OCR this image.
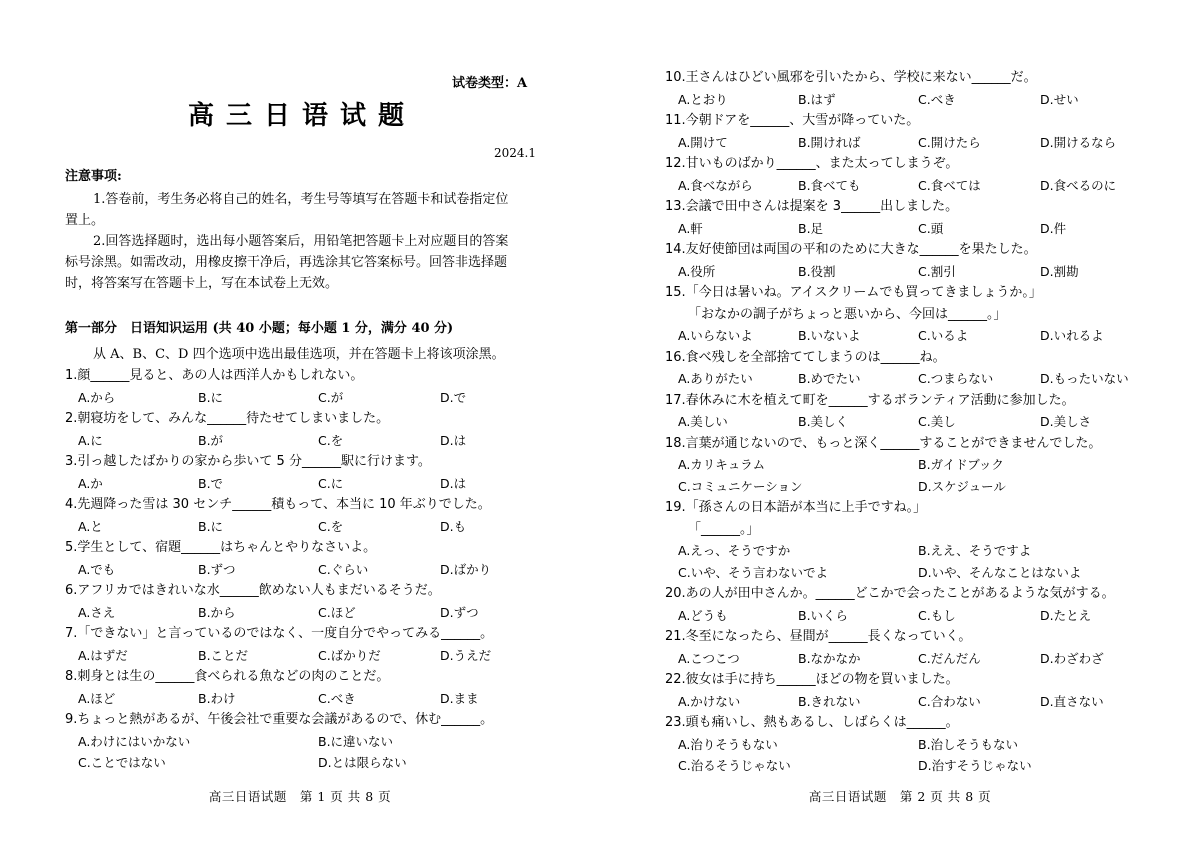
试卷类型：A
高三日语试题
2024.1
注意事项:
1.答卷前，考生务必将自己的姓名，考生号等填写在答题卡和试卷指定位
置上。
2.回答选择题时，选出每小题答案后，用铅笔把答题卡上对应题目的答案
标号涂黑。如需改动，用橡皮擦干净后，再选涂其它答案标号。回答非选择题
时，将答案写在答题卡上，写在本试卷上无效。
第一部分　日语知识运用 (共 40 小题；每小题 1 分，满分 40 分)
从 A、B、C、D 四个选项中选出最佳选项，并在答题卡上将该项涂黑。
1.顔______見ると、あの人は西洋人かもしれない。
A.から	B.に	C.が	D.で
2.朝寝坊をして、みんな______待たせてしまいました。
A.に	B.が	C.を	D.は
3.引っ越したばかりの家から歩いて 5 分______駅に行けます。
A.か	B.で	C.に	D.は
4.先週降った雪は 30 センチ______積もって、本当に 10 年ぶりでした。
A.と	B.に	C.を	D.も
5.学生として、宿題______はちゃんとやりなさいよ。
A.でも	B.ずつ	C.ぐらい	D.ばかり
6.アフリカではきれいな水______飲めない人もまだいるそうだ。
A.さえ	B.から	C.ほど	D.ずつ
7.「できない」と言っているのではなく、一度自分でやってみる______。
A.はずだ	B.ことだ	C.ばかりだ	D.うえだ
8.刺身とは生の______食べられる魚などの肉のことだ。
A.ほど	B.わけ	C.べき	D.まま
9.ちょっと熱があるが、午後会社で重要な会議があるので、休む______。
A.わけにはいかない	B.に違いない
C.ことではない	D.とは限らない
高三日语试题　第 1 页 共 8 页
10.王さんはひどい風邪を引いたから、学校に来ない______だ。
A.とおり	B.はず	C.べき	D.せい
11.今朝ドアを______、大雪が降っていた。
A.開けて	B.開ければ	C.開けたら	D.開けるなら
12.甘いものばかり______、また太ってしまうぞ。
A.食べながら	B.食べても	C.食べては	D.食べるのに
13.会議で田中さんは提案を 3______出しました。
A.軒	B.足	C.頭	D.件
14.友好使節団は両国の平和のために大きな______を果たした。
A.役所	B.役割	C.割引	D.割勘
15.「今日は暑いね。アイスクリームでも買ってきましょうか。」
「おなかの調子がちょっと悪いから、今回は______。」
A.いらないよ	B.いないよ	C.いるよ	D.いれるよ
16.食べ残しを全部捨ててしまうのは______ね。
A.ありがたい	B.めでたい	C.つまらない	D.もったいない
17.春休みに木を植えて町を______するボランティア活動に参加した。
A.美しい	B.美しく	C.美し	D.美しさ
18.言葉が通じないので、もっと深く______することができませんでした。
A.カリキュラム	B.ガイドブック
C.コミュニケーション	D.スケジュール
19.「孫さんの日本語が本当に上手ですね。」
「______。」
A.えっ、そうですか	B.ええ、そうですよ
C.いや、そう言わないでよ	D.いや、そんなことはないよ
20.あの人が田中さんか。______どこかで会ったことがあるような気がする。
A.どうも	B.いくら	C.もし	D.たとえ
21.冬至になったら、昼間が______長くなっていく。
A.こつこつ	B.なかなか	C.だんだん	D.わざわざ
22.彼女は手に持ち______ほどの物を買いました。
A.かけない	B.きれない	C.合わない	D.直さない
23.頭も痛いし、熱もあるし、しばらくは______。
A.治りそうもない	B.治しそうもない
C.治るそうじゃない	D.治すそうじゃない
高三日语试题　第 2 页 共 8 页
